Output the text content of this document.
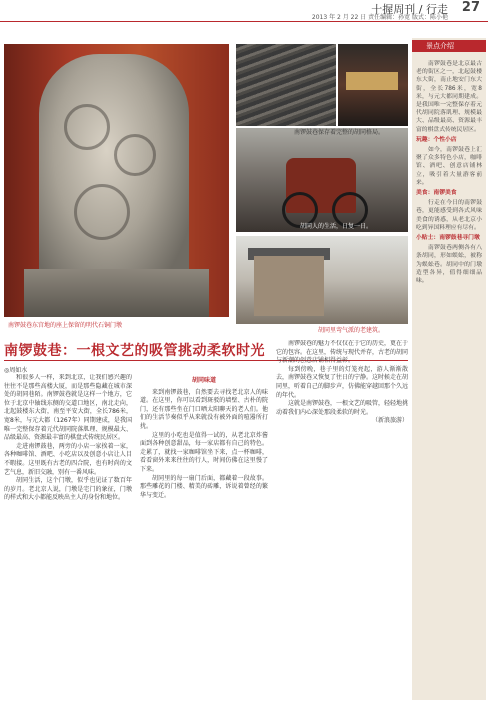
十握周刊 / 行走 27
2013 年 2 月 22 日 责任编辑：孙宽 版式：陈小艳
南锣鼓巷东宫地的座上保留的明代石铜门墩
南锣鼓巷保存着完整的胡同格局。
胡同人的生活，日复一日。
胡同里弯气派的老建筑。
南锣鼓巷：一根文艺的吸管挑动柔软时光
◎周如水

和很多人一样，来到北京，让我们感兴趣的往往不是那些高楼大厦，而是那些隐藏在城市深处的胡同巷陌。南锣鼓巷就是这样一个地方，它位于北京中轴线东侧的交道口地区，南北走向，北起鼓楼东大街，南至平安大街，全长786米，宽8米，与元大都（1267年）同期建成，是我国唯一完整保存着元代胡同院落肌理、规模最大、品级最高、资源最丰富的棋盘式传统民居区。

走进南锣鼓巷，两旁的小店一家挨着一家，各种咖啡馆、酒吧、小吃店以及创意小店让人目不暇接。这里既有古老的四合院，也有时尚的文艺气息，新旧交融，别有一番风味。

胡同生活，这个门墩，似乎也见证了数百年的岁月。老北京人说，门墩是宅门的象征，门墩的样式和大小都能反映出主人的身份和地位。

胡同味道

来到南锣鼓巷，自然要去寻找老北京人的味道。在这里，你可以看到斑驳的墙壁、古朴的院门，还有那些坐在门口晒太阳聊天的老人们。他们的生活节奏似乎从来就没有被外面的喧嚣所打扰。

这里的小吃也是值得一试的，从老北京炸酱面到各种创意甜品，每一家店都有自己的特色。走累了，就找一家咖啡馆坐下来，点一杯咖啡，看看窗外来来往往的行人，时间仿佛在这里慢了下来。

胡同里的每一扇门后面，都藏着一段故事。那些雕花的门楼、精美的砖雕，诉说着曾经的繁华与变迁。

南锣鼓巷的魅力不仅仅在于它的历史，更在于它的包容。在这里，传统与现代并存，古老的胡同与新潮的创意店铺相得益彰。

每到傍晚，巷子里的灯笼亮起，游人渐渐散去，南锣鼓巷又恢复了往日的宁静。这时候走在胡同里，听着自己的脚步声，仿佛能穿越回那个久远的年代。

这就是南锣鼓巷，一根文艺的吸管，轻轻地挑动着我们内心深处那段柔软的时光。

（新浪旅游）
景点介绍

南锣鼓巷是北京最古老的街区之一，北起鼓楼东大街，南止地安门东大街，全长786米，宽8米，与元大都同期建成。是我国唯一完整保存着元代胡同院落肌理、规模最大、品级最高、资源最丰富的棋盘式传统民居区。

玩趣：个性小店

如今，南锣鼓巷上汇聚了众多特色小店，咖啡馆、酒吧、创意店铺林立，吸引着大量游客前来。

美食：南锣美食

行走在今日的南锣鼓巷，更能感受到各式风味美食的诱惑，从老北京小吃到异国料理应有尽有。

小贴士：南锣鼓巷寻门墩

南锣鼓巷两侧各有八条胡同，形如蜈蚣，被称为蜈蚣巷。胡同中的门墩造型各异，值得细细品味。
